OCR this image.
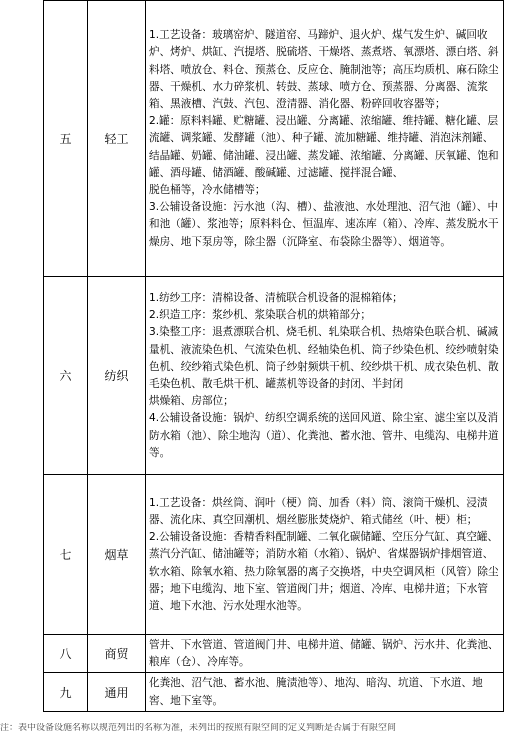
五	轻工	1.工艺设备：玻璃窑炉、隧道窑、马蹄炉、退火炉、煤气发生炉、碱回收炉、烤炉、烘缸、汽提塔、脱硫塔、干燥塔、蒸煮塔、氧漂塔、漂白塔、斜料塔、喷放仓、料仓、预蒸仓、反应仓、腌制池等；高压均质机、麻石除尘器、干燥机、水力碎浆机、转鼓、蒸球、喷方仓、预蒸器、分离器、流浆箱、黑液槽、汽鼓、汽包、澄清器、消化器、粉碎回收容器等；

2.罐：原料料罐、贮糖罐、浸出罐、分离罐、浓缩罐、维持罐、糖化罐、层流罐、调浆罐、发酵罐（池）、种子罐、流加糖罐、维持罐、消泡沫剂罐、结晶罐、奶罐、储油罐、浸出罐、蒸发罐、浓缩罐、分离罐、厌氧罐、饱和罐、酒母罐、储酒罐、酸碱罐、过滤罐、搅拌混合罐、

脱色桶等，冷水储槽等；

3.公辅设备设施：污水池（沟、槽）、盐液池、水处理池、沼气池（罐）、中和池（罐）、浆池等；原料料仓、恒温库、速冻库（箱）、冷库、蒸发脱水干燥房、地下泵房等，除尘器（沉降室、布袋除尘器等）、烟道等。

六	纺织	1.纺纱工序：清棉设备、清梳联合机设备的混棉箱体；

2.织造工序：浆纱机、浆染联合机的烘箱部分；

3.染整工序：退煮漂联合机、烧毛机、轧染联合机、热熔染色联合机、碱减量机、液流染色机、气流染色机、经轴染色机、筒子纱染色机、绞纱喷射染色机、绞纱箱式染色机、筒子纱射频烘干机、绞纱烘干机、成衣染色机、散毛染色机、散毛烘干机、罐蒸机等设备的封闭、半封闭

烘燥箱、房部位；

4.公辅设备设施：锅炉、纺织空调系统的送回风道、除尘室、滤尘室以及消防水箱（池）、除尘地沟（道）、化粪池、蓄水池、管井、电缆沟、电梯井道等。

七	烟草	1.工艺设备：烘丝筒、润叶（梗）筒、加香（料）筒、滚筒干燥机、浸渍器、流化床、真空回潮机、烟丝膨胀焚烧炉、箱式储丝（叶、梗）柜；

2.公辅设备设施：香精香料配制罐、二氧化碳储罐、空压分气缸、真空罐、蒸汽分汽缸、储油罐等；消防水箱（水箱）、锅炉、省煤器锅炉排烟管道、软水箱、除氧水箱、热力除氧器的离子交换塔，中央空调风柜（风管）除尘器；地下电缆沟、地下室、管道阀门井；烟道、冷库、电梯井道；下水管道、地下水池、污水处理水池等。

八	商贸	管井、下水管道、管道阀门井、电梯井道、储罐、锅炉、污水井、化粪池、粮库（仓）、冷库等。

九	通用	化粪池、沼气池、蓄水池、腌渍池等）、地沟、暗沟、坑道、下水道、地窖、地下室等。

注：表中设备设施名称以规范列出的名称为准，未列出的按照有限空间的定义判断是否属于有限空间
